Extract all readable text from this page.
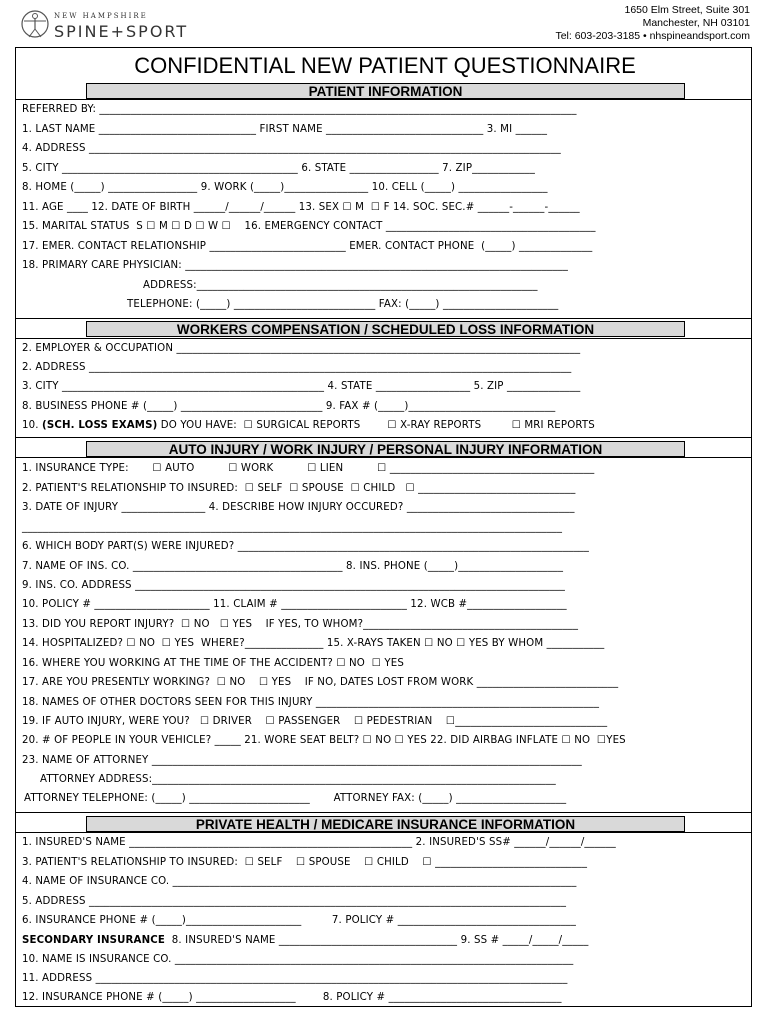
NEW HAMPSHIRE
SPINE+SPORT
1650 Elm Street, Suite 301
Manchester, NH 03101
Tel: 603-203-3185 • nhspineandsport.com
CONFIDENTIAL NEW PATIENT QUESTIONNAIRE
PATIENT INFORMATION
REFERRED BY: ___________________________________________________________________________________________
1. LAST NAME ______________________________ FIRST NAME ______________________________ 3. MI ______
4. ADDRESS __________________________________________________________________________________________
5. CITY _____________________________________________ 6. STATE _________________ 7. ZIP____________
8. HOME (_____) _________________ 9. WORK (_____)________________ 10. CELL (_____) _________________
11. AGE ____ 12. DATE OF BIRTH ______/______/______ 13. SEX ☐ M  ☐ F 14. SOC. SEC.# ______-______-______
15. MARITAL STATUS  S ☐ M ☐ D ☐ W ☐    16. EMERGENCY CONTACT ________________________________________
17. EMER. CONTACT RELATIONSHIP __________________________ EMER. CONTACT PHONE  (_____) ______________
18. PRIMARY CARE PHYSICIAN: _________________________________________________________________________
ADDRESS:_________________________________________________________________
TELEPHONE: (_____) ___________________________ FAX: (_____) ______________________
WORKERS COMPENSATION / SCHEDULED LOSS INFORMATION
2. EMPLOYER & OCCUPATION _____________________________________________________________________________
2. ADDRESS ____________________________________________________________________________________________
3. CITY __________________________________________________ 4. STATE __________________ 5. ZIP ______________
8. BUSINESS PHONE # (_____) ___________________________ 9. FAX # (_____)____________________________
10. (SCH. LOSS EXAMS) DO YOU HAVE:  ☐ SURGICAL REPORTS        ☐ X-RAY REPORTS         ☐ MRI REPORTS
AUTO INJURY / WORK INJURY / PERSONAL INJURY INFORMATION
1. INSURANCE TYPE:       ☐ AUTO          ☐ WORK          ☐ LIEN          ☐ _______________________________________
2. PATIENT'S RELATIONSHIP TO INSURED:  ☐ SELF  ☐ SPOUSE  ☐ CHILD   ☐ ______________________________
3. DATE OF INJURY ________________ 4. DESCRIBE HOW INJURY OCCURED? ________________________________
_______________________________________________________________________________________________________
6. WHICH BODY PART(S) WERE INJURED? ___________________________________________________________________
7. NAME OF INS. CO. ________________________________________ 8. INS. PHONE (_____)____________________
9. INS. CO. ADDRESS __________________________________________________________________________________
10. POLICY # ______________________ 11. CLAIM # ________________________ 12. WCB #___________________
13. DID YOU REPORT INJURY?  ☐ NO   ☐ YES    IF YES, TO WHOM?_________________________________________
14. HOSPITALIZED? ☐ NO  ☐ YES  WHERE?_______________ 15. X-RAYS TAKEN ☐ NO ☐ YES BY WHOM ___________
16. WHERE YOU WORKING AT THE TIME OF THE ACCIDENT? ☐ NO  ☐ YES
17. ARE YOU PRESENTLY WORKING?  ☐ NO    ☐ YES    IF NO, DATES LOST FROM WORK ___________________________
18. NAMES OF OTHER DOCTORS SEEN FOR THIS INJURY ______________________________________________________
19. IF AUTO INJURY, WERE YOU?   ☐ DRIVER    ☐ PASSENGER    ☐ PEDESTRIAN    ☐_____________________________
20. # OF PEOPLE IN YOUR VEHICLE? _____ 21. WORE SEAT BELT? ☐ NO ☐ YES 22. DID AIRBAG INFLATE ☐ NO  ☐YES
23. NAME OF ATTORNEY __________________________________________________________________________________
ATTORNEY ADDRESS:_____________________________________________________________________________
ATTORNEY TELEPHONE: (_____) _______________________       ATTORNEY FAX: (_____) _____________________
PRIVATE HEALTH / MEDICARE INSURANCE INFORMATION
1. INSURED'S NAME ______________________________________________________ 2. INSURED'S SS# ______/______/______
3. PATIENT'S RELATIONSHIP TO INSURED:  ☐ SELF    ☐ SPOUSE    ☐ CHILD    ☐ _____________________________
4. NAME OF INSURANCE CO. _____________________________________________________________________________
5. ADDRESS ___________________________________________________________________________________________
6. INSURANCE PHONE # (_____)______________________         7. POLICY # __________________________________
SECONDARY INSURANCE  8. INSURED'S NAME __________________________________ 9. SS # _____/_____/_____
10. NAME IS INSURANCE CO. ____________________________________________________________________________
11. ADDRESS __________________________________________________________________________________________
12. INSURANCE PHONE # (_____) ___________________        8. POLICY # _________________________________
